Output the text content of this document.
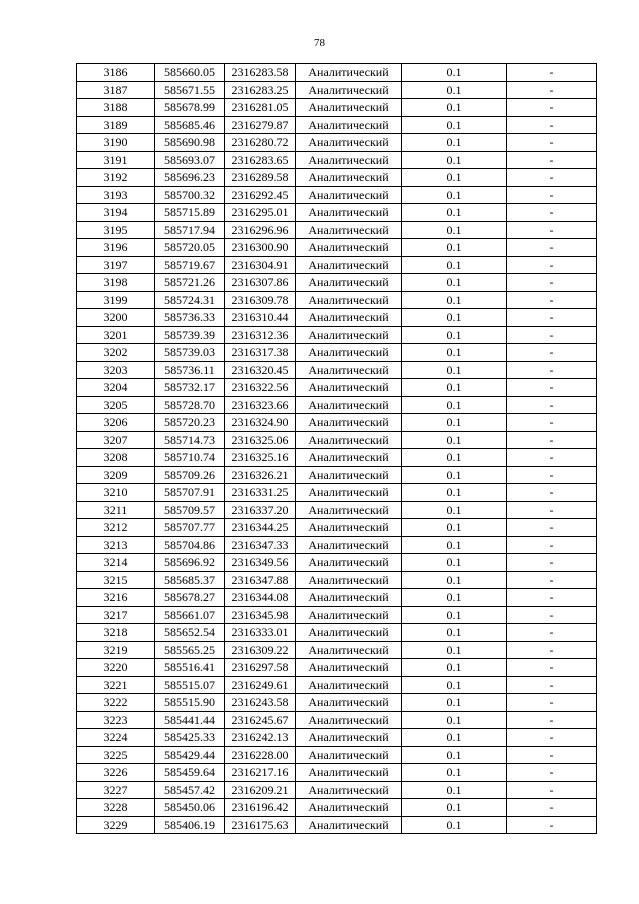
78
3186	585660.05	2316283.58	Аналитический	0.1	-
3187	585671.55	2316283.25	Аналитический	0.1	-
3188	585678.99	2316281.05	Аналитический	0.1	-
3189	585685.46	2316279.87	Аналитический	0.1	-
3190	585690.98	2316280.72	Аналитический	0.1	-
3191	585693.07	2316283.65	Аналитический	0.1	-
3192	585696.23	2316289.58	Аналитический	0.1	-
3193	585700.32	2316292.45	Аналитический	0.1	-
3194	585715.89	2316295.01	Аналитический	0.1	-
3195	585717.94	2316296.96	Аналитический	0.1	-
3196	585720.05	2316300.90	Аналитический	0.1	-
3197	585719.67	2316304.91	Аналитический	0.1	-
3198	585721.26	2316307.86	Аналитический	0.1	-
3199	585724.31	2316309.78	Аналитический	0.1	-
3200	585736.33	2316310.44	Аналитический	0.1	-
3201	585739.39	2316312.36	Аналитический	0.1	-
3202	585739.03	2316317.38	Аналитический	0.1	-
3203	585736.11	2316320.45	Аналитический	0.1	-
3204	585732.17	2316322.56	Аналитический	0.1	-
3205	585728.70	2316323.66	Аналитический	0.1	-
3206	585720.23	2316324.90	Аналитический	0.1	-
3207	585714.73	2316325.06	Аналитический	0.1	-
3208	585710.74	2316325.16	Аналитический	0.1	-
3209	585709.26	2316326.21	Аналитический	0.1	-
3210	585707.91	2316331.25	Аналитический	0.1	-
3211	585709.57	2316337.20	Аналитический	0.1	-
3212	585707.77	2316344.25	Аналитический	0.1	-
3213	585704.86	2316347.33	Аналитический	0.1	-
3214	585696.92	2316349.56	Аналитический	0.1	-
3215	585685.37	2316347.88	Аналитический	0.1	-
3216	585678.27	2316344.08	Аналитический	0.1	-
3217	585661.07	2316345.98	Аналитический	0.1	-
3218	585652.54	2316333.01	Аналитический	0.1	-
3219	585565.25	2316309.22	Аналитический	0.1	-
3220	585516.41	2316297.58	Аналитический	0.1	-
3221	585515.07	2316249.61	Аналитический	0.1	-
3222	585515.90	2316243.58	Аналитический	0.1	-
3223	585441.44	2316245.67	Аналитический	0.1	-
3224	585425.33	2316242.13	Аналитический	0.1	-
3225	585429.44	2316228.00	Аналитический	0.1	-
3226	585459.64	2316217.16	Аналитический	0.1	-
3227	585457.42	2316209.21	Аналитический	0.1	-
3228	585450.06	2316196.42	Аналитический	0.1	-
3229	585406.19	2316175.63	Аналитический	0.1	-
